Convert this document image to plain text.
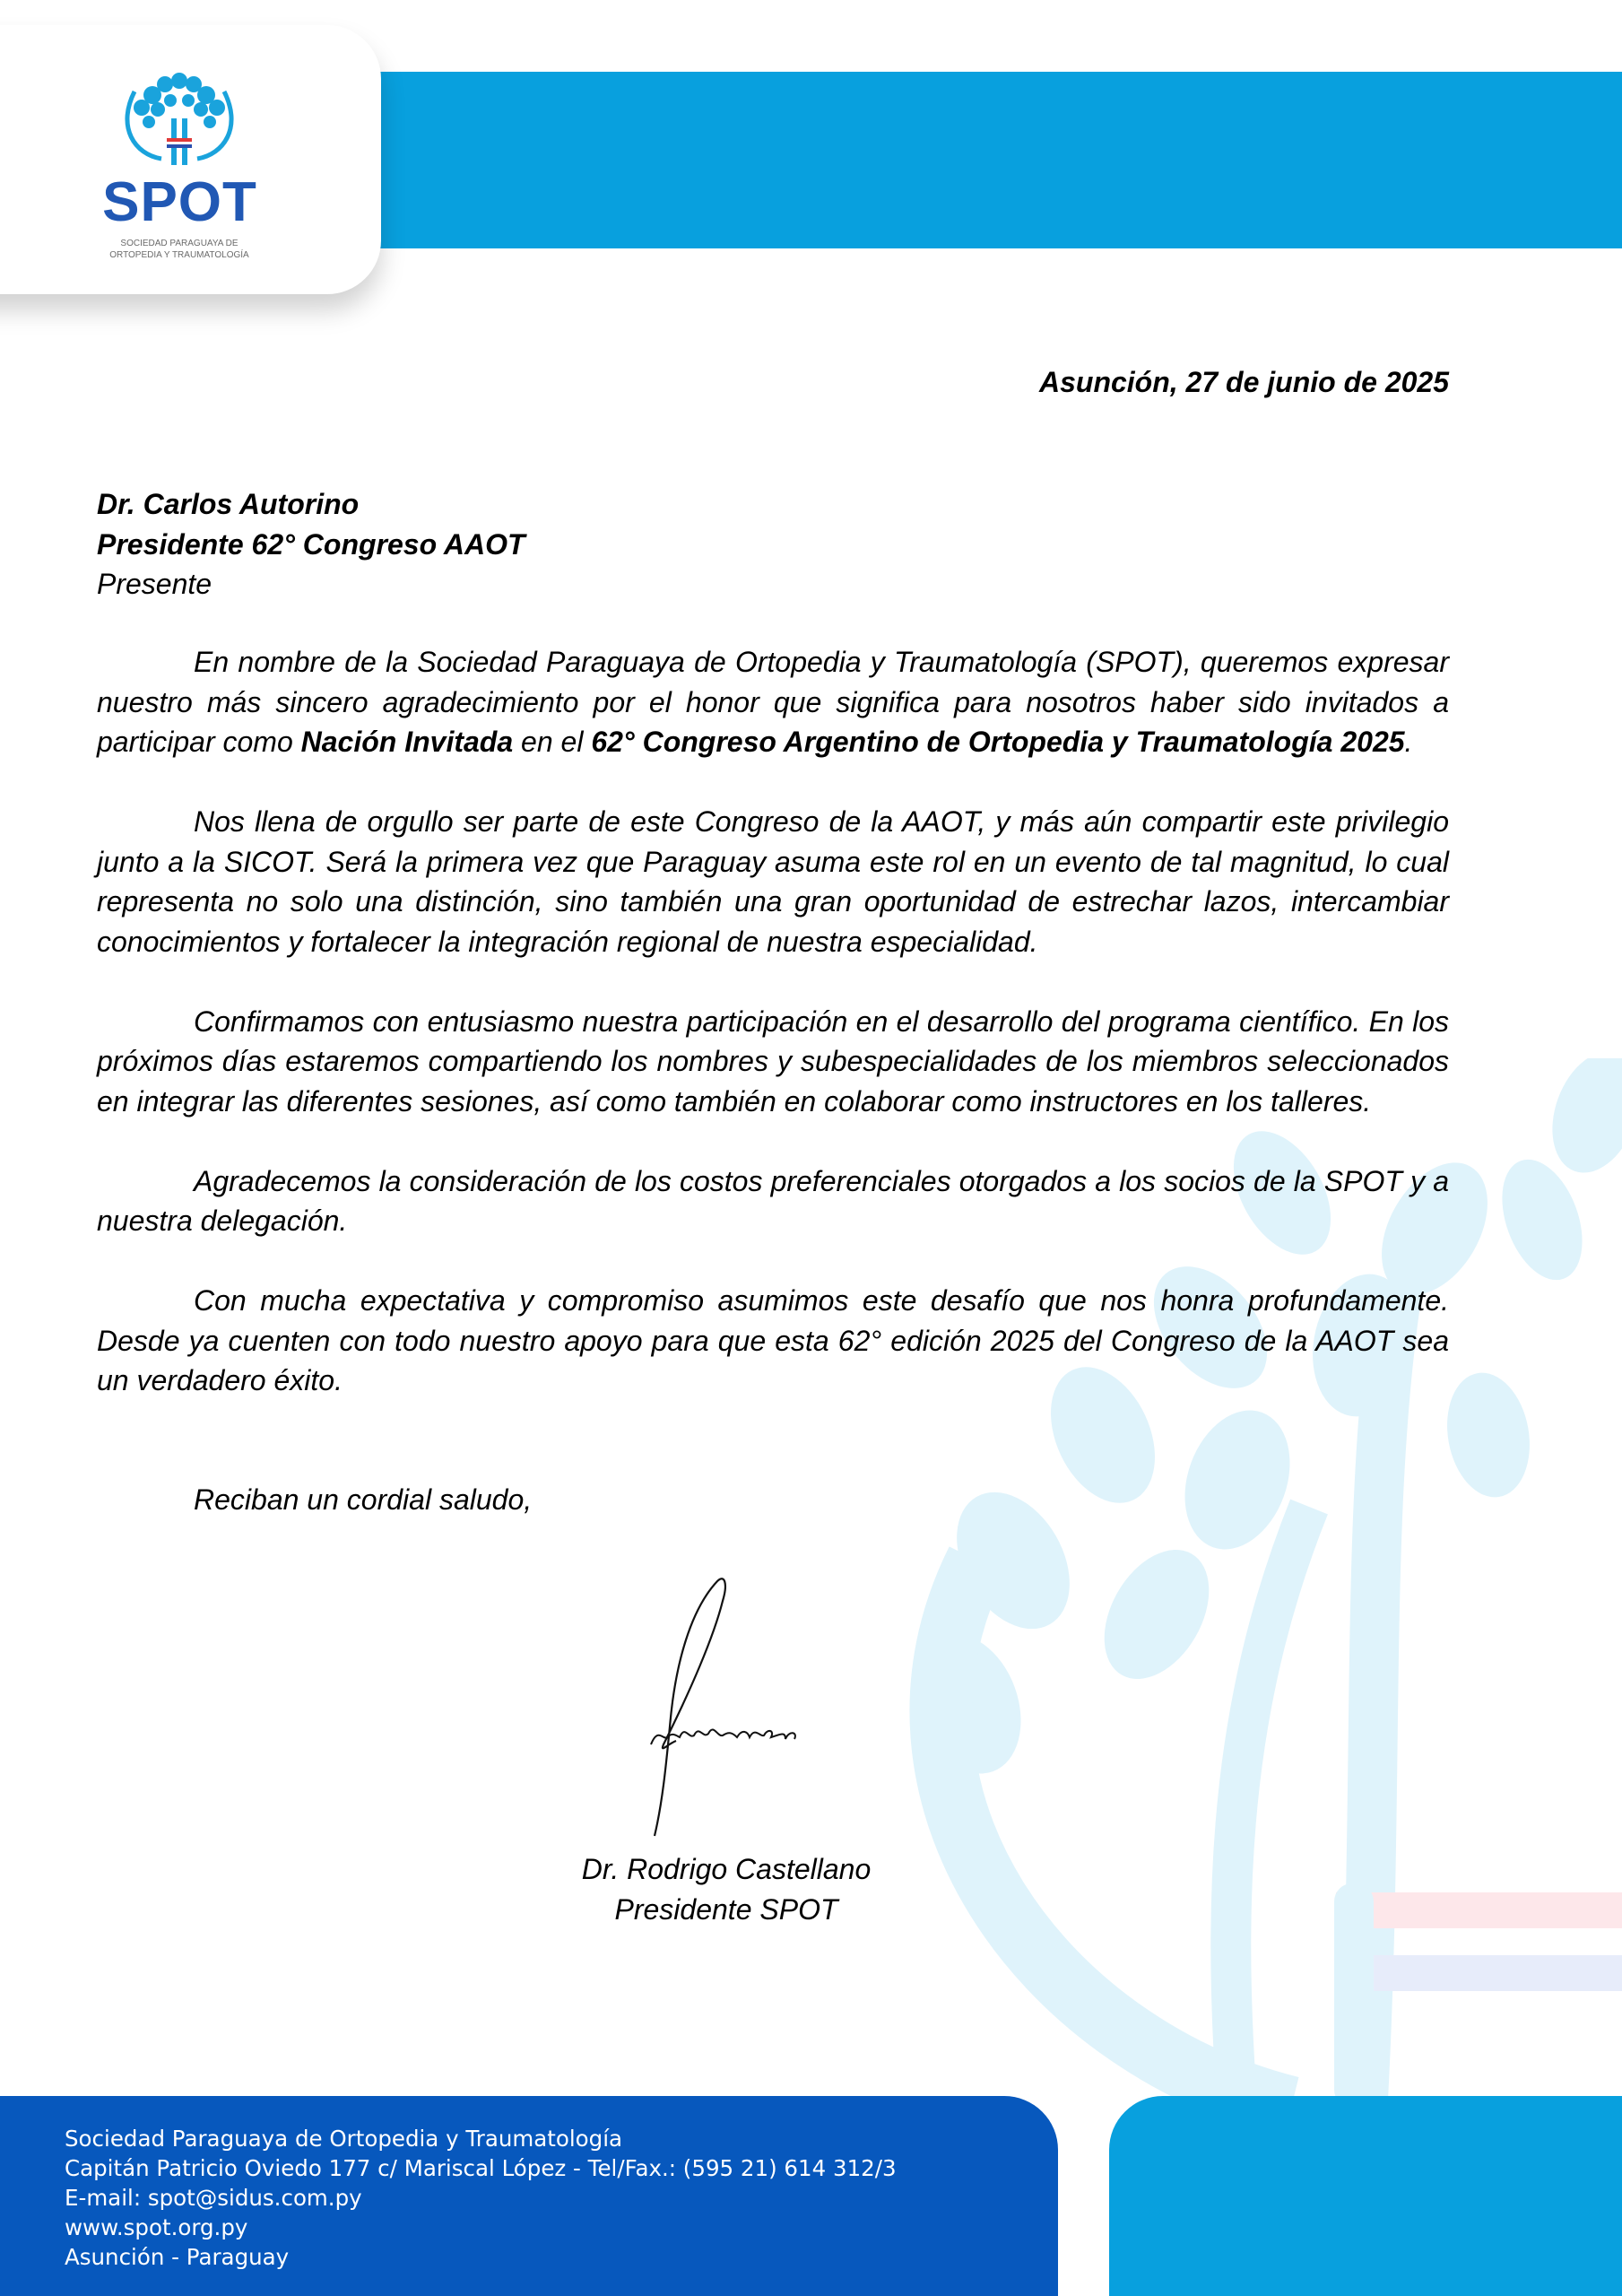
SPOT
SOCIEDAD PARAGUAYA DE
ORTOPEDIA Y TRAUMATOLOGÍA
Asunción, 27 de junio de 2025
Dr. Carlos Autorino
Presidente 62° Congreso AAOT
Presente

En nombre de la Sociedad Paraguaya de Ortopedia y Traumatología (SPOT), queremos expresar nuestro más sincero agradecimiento por el honor que significa para nosotros haber sido invitados a participar como Nación Invitada en el 62° Congreso Argentino de Ortopedia y Traumatología 2025.

Nos llena de orgullo ser parte de este Congreso de la AAOT, y más aún compartir este privilegio junto a la SICOT. Será la primera vez que Paraguay asuma este rol en un evento de tal magnitud, lo cual representa no solo una distinción, sino también una gran oportunidad de estrechar lazos, intercambiar conocimientos y fortalecer la integración regional de nuestra especialidad.

Confirmamos con entusiasmo nuestra participación en el desarrollo del programa científico. En los próximos días estaremos compartiendo los nombres y subespecialidades de los miembros seleccionados en integrar las diferentes sesiones, así como también en colaborar como instructores en los talleres.

Agradecemos la consideración de los costos preferenciales otorgados a los socios de la SPOT y a nuestra delegación.

Con mucha expectativa y compromiso asumimos este desafío que nos honra profundamente. Desde ya cuenten con todo nuestro apoyo para que esta 62° edición 2025 del Congreso de la AAOT sea un verdadero éxito.

Reciban un cordial saludo,
Dr. Rodrigo Castellano
Presidente SPOT
Sociedad Paraguaya de Ortopedia y Traumatología
Capitán Patricio Oviedo 177 c/ Mariscal López - Tel/Fax.: (595 21) 614 312/3
E-mail: spot@sidus.com.py
www.spot.org.py
Asunción - Paraguay
